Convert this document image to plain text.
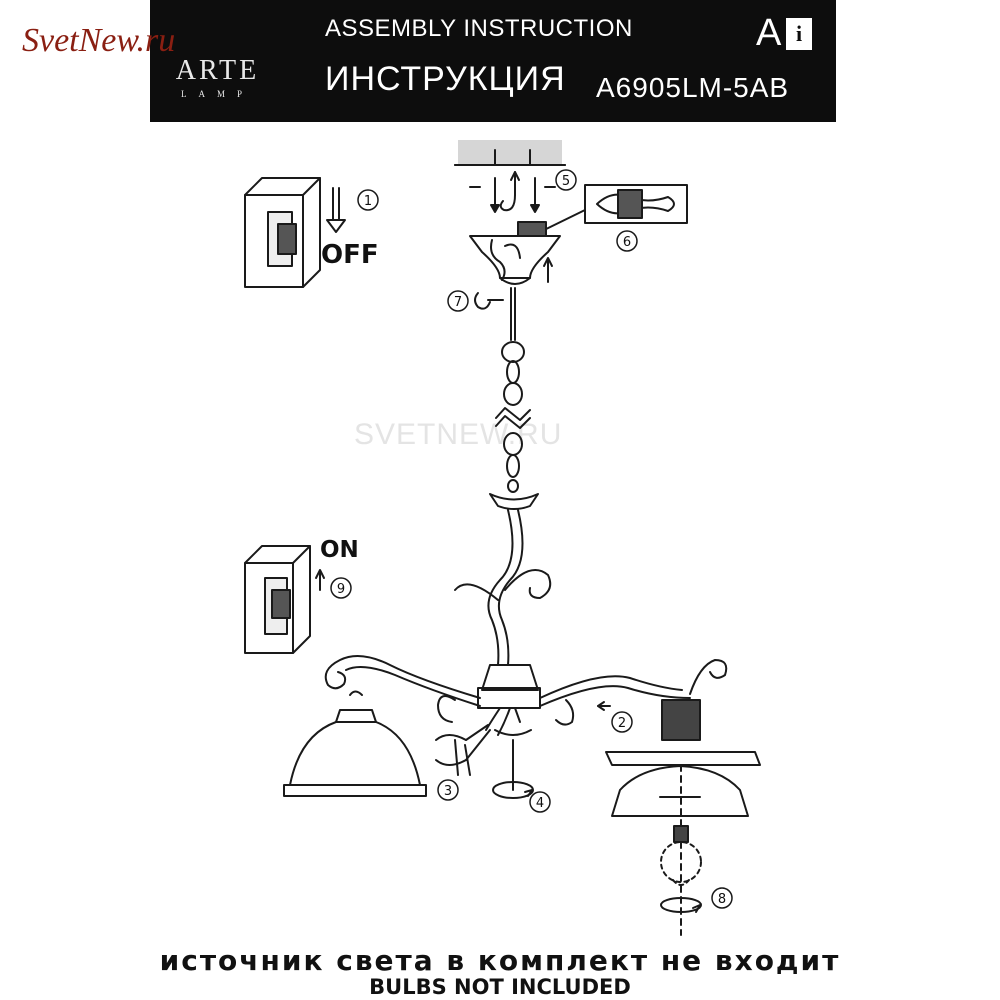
ARTE
LAMP
ASSEMBLY INSTRUCTION
ИНСТРУКЦИЯ
A i
A6905LM-5AB
SvetNew.ru
SVETNEW.RU
1
2
3
4
5
6
7
8
9
OFF
ON
источник света в комплект не входит
BULBS NOT INCLUDED
